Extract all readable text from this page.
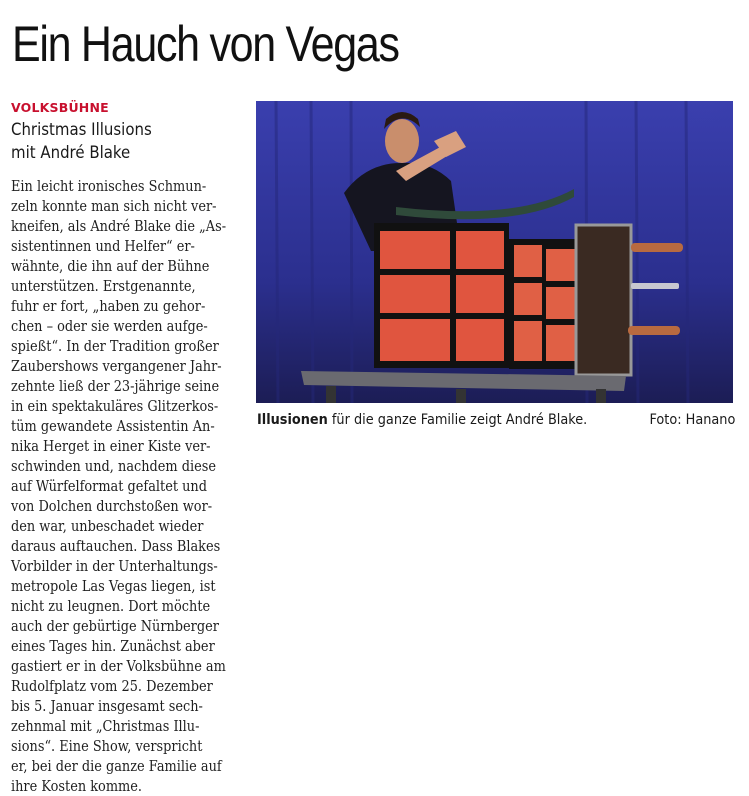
Ein Hauch von Vegas
VOLKSBÜHNE
Christmas Illusions
mit André Blake
Ein leicht ironisches Schmun-
zeln konnte man sich nicht ver-
kneifen, als André Blake die „As-
sistentinnen und Helfer“ er-
wähnte, die ihn auf der Bühne
unterstützen. Erstgenannte,
fuhr er fort, „haben zu gehor-
chen – oder sie werden aufge-
spießt“. In der Tradition großer
Zaubershows vergangener Jahr-
zehnte ließ der 23-jährige seine
in ein spektakuläres Glitzerkos-
tüm gewandete Assistentin An-
nika Herget in einer Kiste ver-
schwinden und, nachdem diese
auf Würfelformat gefaltet und
von Dolchen durchstoßen wor-
den war, unbeschadet wieder
daraus auftauchen. Dass Blakes
Vorbilder in der Unterhaltungs-
metropole Las Vegas liegen, ist
nicht zu leugnen. Dort möchte
auch der gebürtige Nürnberger
eines Tages hin. Zunächst aber
gastiert er in der Volksbühne am
Rudolfplatz vom 25. Dezember
bis 5. Januar insgesamt sech-
zehnmal mit „Christmas Illu-
sions“. Eine Show, verspricht
er, bei der die ganze Familie auf
ihre Kosten komme.
Illusionen für die ganze Familie zeigt André Blake.	Foto: Hanano
